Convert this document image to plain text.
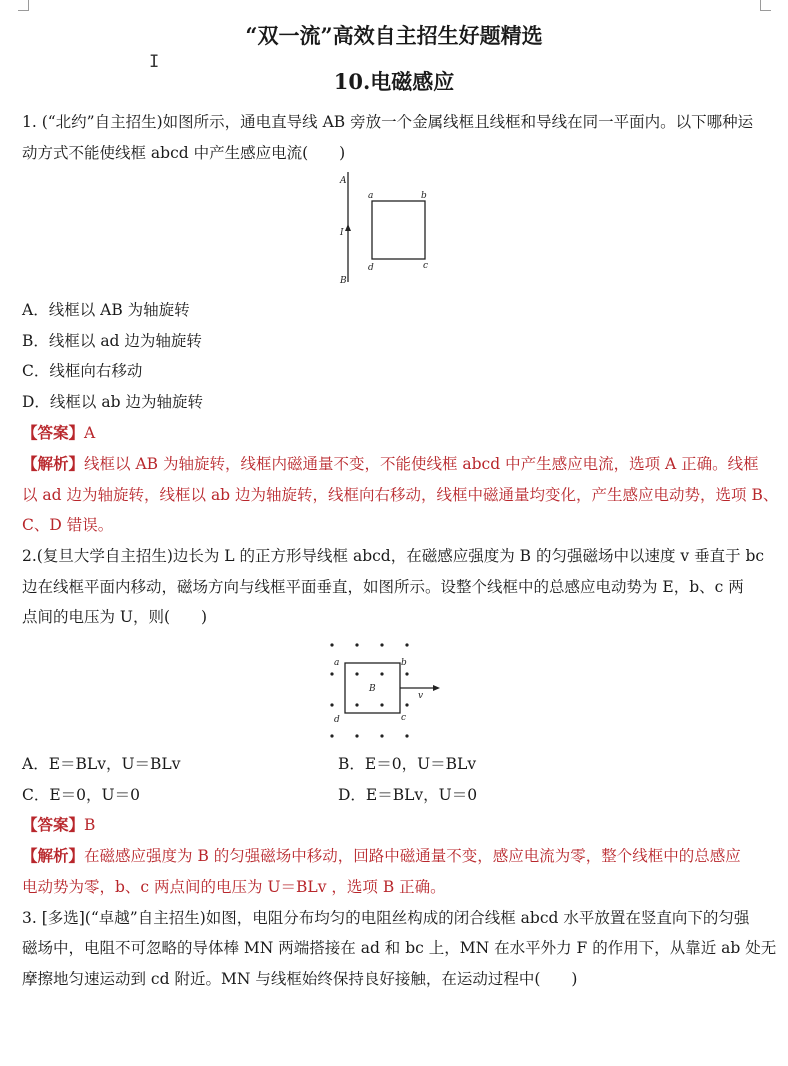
I
“双一流”高效自主招生好题精选
10.电磁感应
1. (“北约”自主招生)如图所示，通电直导线 AB 旁放一个金属线框且线框和导线在同一平面内。以下哪种运
动方式不能使线框 abcd 中产生感应电流(　　)
A
B
I
a	b
c
d
A．线框以 AB 为轴旋转
B．线框以 ad 边为轴旋转
C．线框向右移动
D．线框以 ab 边为轴旋转
【答案】A
【解析】线框以 AB 为轴旋转，线框内磁通量不变，不能使线框 abcd 中产生感应电流，选项 A 正确。线框
以 ad 边为轴旋转，线框以 ab 边为轴旋转，线框向右移动，线框中磁通量均变化，产生感应电动势，选项 B、
C、D 错误。
2.(复旦大学自主招生)边长为 L 的正方形导线框 abcd，在磁感应强度为 B 的匀强磁场中以速度 v 垂直于 bc
边在线框平面内移动，磁场方向与线框平面垂直，如图所示。设整个线框中的总感应电动势为 E，b、c 两
点间的电压为 U，则(　　)
a	b
c
d
B
v
A．E＝BLv，U＝BLv	B．E＝0，U＝BLv
C．E＝0，U＝0	D．E＝BLv，U＝0
【答案】B
【解析】在磁感应强度为 B 的匀强磁场中移动，回路中磁通量不变，感应电流为零，整个线框中的总感应
电动势为零，b、c 两点间的电压为 U＝BLv ，选项 B 正确。
3. [多选](“卓越”自主招生)如图，电阻分布均匀的电阻丝构成的闭合线框 abcd 水平放置在竖直向下的匀强
磁场中，电阻不可忽略的导体棒 MN 两端搭接在 ad 和 bc 上，MN 在水平外力 F 的作用下，从靠近 ab 处无
摩擦地匀速运动到 cd 附近。MN 与线框始终保持良好接触，在运动过程中(　　)
